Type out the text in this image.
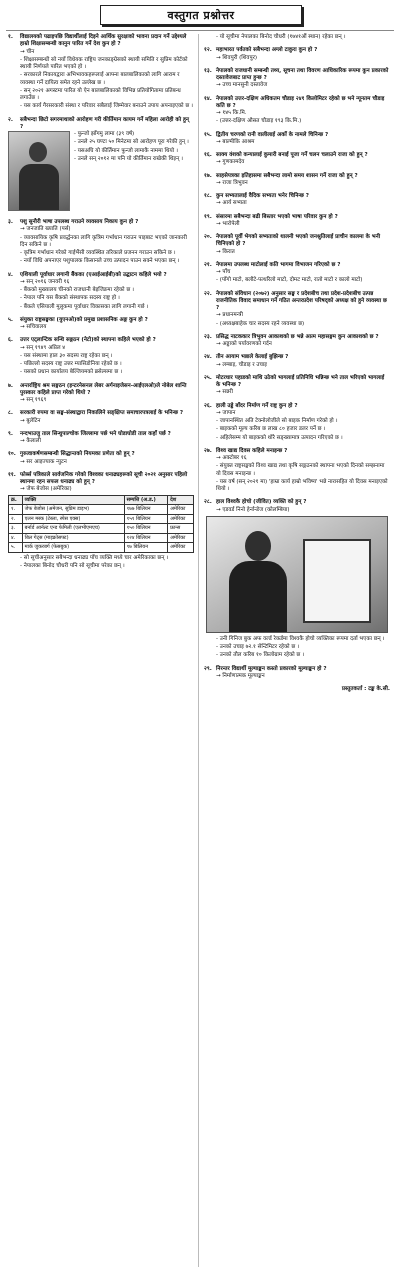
वस्तुगत प्रश्नोत्तर
१.	विद्यालयको पढाइपछि विद्यार्थीलाई दिइने आर्थिक सुरक्षाको भावना प्रदान गर्ने उद्देश्यले हाम्रो शिक्षासम्बन्धी कानुन पारित गर्ने देश कुन हो ?

→ चीन

- शिक्षासम्बन्धी सो नयाँ विधेयक राष्ट्रिय जनकाङ्ग्रेसको स्थायी समिति र सुप्रिम कोर्टको स्थायी निर्णयले पारित भएको हो ।
- सरकारले निकायद्वारा अभिभावकहरूलाई आफ्ना बालबालिकाको लागि आराम र व्यवस्था गर्ने दायित्व समेत रहने उल्लेख छ ।
- सन् २०२१ अगस्टमा पारित यो ऐन बालबालिकाको विभिन्न प्रतियोगितामा प्रतिबन्ध लगाउँछ ।
- यस कार्य गैरसरकारी संस्था र परिवार सबैलाई जिम्मेवार बनाउने उपाय अपनाइएको छ ।
२.	सबैभन्दा छिटो सगरमाथाको आरोहण गरी कीर्तिमान कायम गर्ने महिला आरोही को हुन् ?
- फुन्जो झाँगमु लामा (३९ वर्ष)
- उनले २५ घण्टा ५० मिनेटमा सो आरोहण पूरा गरेकी हुन् ।
- यसअघि यो कीर्तिमान फुन्जो लामाकै नाममा थियो ।
- उनले सन् २०१२ मा पनि यो कीर्तिमान राखेकी थिइन् ।
३.	पशु सुनौरी भाषा उपलब्ध गराउने व्यवसाय निकाय कुन हो ?

→ जनजाति ख्याति (पर्स)

- व्यावसायिक कृषि प्रवर्द्धनका लागि कृत्रिम गर्भाधान गराउन पाइबाट भएको जानकारी दिन सकिने छ ।
- कृत्रिम गर्भाधान गरेको गाईभैंसी व्यवस्थित तरिकाले प्रजनन गराउन सकिने छ ।
- नयाँ विधि अपनाएर पशुपालक किसानले उच्च उत्पादन पाउन सक्ने भएका छन् ।
४.	एशियाली पूर्वाधार लगानी बैंकका (एआईआईबी)को उद्घाटन कहिले भयो ?

→ सन् २०१६ जनवरी १६

- बैंकको मुख्यालय चीनको राजधानी बेइजिङमा रहेको छ ।
- नेपाल पनि यस बैंकको संस्थापक सदस्य राष्ट्र हो ।
- बैंकले एसियाली मुलुकमा पूर्वाधार विकासका लागि लगानी गर्छ ।
५.	संयुक्त राष्ट्रसङ्घका (युएनओ)को प्रमुख प्रशासनिक अङ्ग कुन हो ?

→ सचिवालय

६.	उत्तर एट्लान्टिक सन्धि सङ्गठन (नेटो)को स्थापना कहिले भएको हो ?

→ सन् १९४९ अप्रिल ४

- यस संस्थामा हाल ३० सदस्य राष्ट्र रहेका छन् ।
- पछिल्लो सदस्य राष्ट्र उत्तर म्यासिडोनिया रहेको छ ।
- यसको प्रधान कार्यालय बेल्जियमको ब्रसेल्समा छ ।
७.	अन्तर्राष्ट्रिय श्रम सङ्गठन (इन्टरनेसनल लेबर अर्गनाइजेसन-आईएलओ)ले नोबेल शान्ति पुरस्कार कहिले प्राप्त गरेको थियो ?

→ सन् १९६९

८.	सरकारी रुपमा वा सङ्घ-संस्थाद्वारा निकालिने सङ्क्षिप्त समाचारपत्रलाई के भनिन्छ ?

→ बुलेटिन

९.	नन्दभाउजु ताल सिन्धुपाल्चोक जिल्लामा पर्छ भने घोडाघोडी ताल कहाँ पर्छ ?

→ कैलाली

१०. गुरुत्वाकर्षणसम्बन्धी सिद्धान्तको नियमका प्रणेता को हुन् ?

→ सर आइज्याक न्युटन

११. फोर्ब्स पत्रिकाले सार्वजनिक गरेको विश्वका धनाढ्यहरूको सूची २०२१ अनुसार पहिलो स्थानमा रहन सफल धनाढ्य को हुन् ?

→ जेफ बेजोस (अमेरिका)

क्र.	व्यक्ति	सम्पत्ति (अ.ड.)	देश
१.	जेफ बेजोस (अमेजन, सुप्रिम डाइभ)	१७७ बिलियन	अमेरिका
२.	एलन मस्क (टेस्ला, स्पेस एक्स)	१५१ बिलियन	अमेरिका
३.	बर्नार्ड आर्नल्ट एन्ड फेमिली (एलभीएमएच)	१५० बिलियन	फ्रान्स
४.	बिल गेट्स (माइक्रोसफ्ट)	१२४ बिलियन	अमेरिका
५.	मार्क जुकरबर्ग (फेसबुक)	९७ बिलियन	अमेरिका
- सो सूचीअनुसार सबैभन्दा धनाढ्य पाँच व्यक्ति मध्ये चार अमेरिकाका छन् ।
- नेपालका बिनोद चौधरी पनि सो सूचीमा परेका छन् ।
- यो सूचीमा नेपालका बिनोद चौधरी (१७४१औं स्थान) रहेका छन् ।
१२. महाभारत पर्वतको सबैभन्दा अग्लो टाकुरा कुन हो ?

→ शिवपुरी (शिवपुर)

१३. नेपालको राजधानी सम्बन्धी तथ्य, सूचना तथा विवरण आधिकारिक रूपमा कुन प्रकारको दस्तावेजबाट प्राप्त हुन्छ ?

→ उच्च मानसुनी दस्तावेज

१४. नेपालको उत्तर-दक्षिण अधिकतम चौडाइ २४१ किलोमिटर रहेको छ भने न्यूनतम चौडाइ कति छ ?

→ १४५ कि.मि.

- (उत्तर-दक्षिण औसत चौडाइ १९३ कि.मि.)
१५. द्वितीय चरणको रानी वालीलाई अर्को के नामले चिनिन्छ ?

→ बाल्मीकि आश्रम

१६. साक्य वंशको कन्यालाई कुमारी बनाई पूजा गर्ने चलन चलाउने राजा को हुन् ?

→ गुणकामदेव

१७. साहसेपत्रका इतिहासमा सबैभन्दा लामो समय शासन गर्ने राजा को हुन् ?

→ राजा त्रिभुवन

१८. कुन सभ्यतालाई वैदिक सभ्यता भनेर चिनिन्छ ?

→ आर्य सभ्यता

१९. संसारमा सबैभन्दा बढी बिस्तार भएको भाषा परिवार कुन हो ?

→ भारोपेली

२०. नेपालको पूर्वी भेगको सभ्यताको थालनी भएको जनश्रुतिलाई प्राचीन कालमा के भनी चिनिएको हो ?

→ किरात

२१. नेपालमा उपलब्ध माटोलाई कति भागमा विभाजन गरिएको छ ?

→ पाँच

- (पाँगो माटो, बलौटे-पत्थरिलो माटो, दोमट माटो, रातो माटो र कालो माटो)
२२. नेपालको संविधान (२०७२) अनुसार सङ्घ र प्रदेशबीच तथा प्रदेश-प्रदेशबीच उत्पन्न राजनीतिक विवाद समाधान गर्ने गठित अन्तरप्रदेश परिषद्को अध्यक्ष को हुने व्यवस्था छ ?

→ प्रधानमन्त्री

- (अध्यक्षबाहेक चार सदस्य रहने व्यवस्था छ)
२३. प्रसिद्ध नाटककार त्रिभुवन आकाशको छ भन्ने आत्म महासङ्गम कुन आकाशको छ ?

→ अड्डाको पर्यावरणको गर्दन

२४. तीन आयाम भन्नाले केलाई बुझिन्छ ?

→ लम्बाइ, चौडाइ र उचाइ

२५. मोटरधार पहाडको माथि उठेको भागलाई प्रतिनिधि भन्निन्छ भने ताल भरिएको भागलाई के भनिन्छ ?

→ सन्नरी

२६. हाली उड्डे बाँदर निर्माण गर्ने राष्ट्र कुन हो ?

→ जापान

- जापानस्थित अति टेक्नोलोजीले सो बाइक निर्माण गरेको हो ।
- बाइकको मूल्य करिब छ लाख ८० हजार डलर पर्ने छ ।
- अहिलेसम्म यो बाइकको थोरै सङ्ख्यामात्र उत्पादन गरिएको छ ।
२७. विश्व खाद्य दिवस कहिले मनाइन्छ ?

→ अक्टोबर १६

- संयुक्त राष्ट्रसङ्घको विश्व खाद्य तथा कृषि सङ्गठनको स्थापना भएको दिनको सम्झनामा यो दिवस मनाइन्छ ।
- यस वर्ष (सन् २०२१ मा) 'हाम्रा कार्य हाम्रो भविष्य' भन्ने नारासहित यो दिवस मनाइएको थियो ।
२८. हाल विश्वकै होचो (जीवित) व्यक्ति को हुन् ?

→ एडवर्ड निनो हेर्नान्डेज (कोलम्बिया)

- उनी गिनिज बुक अफ वर्ल्ड रेकर्डमा विश्वकै होचो व्यक्तिका रूपमा दर्ता भएका छन् ।
- उनको उचाइ ७२.१ सेन्टिमिटर रहेको छ ।
- उनको तौल करिब १० किलोग्राम रहेको छ ।
२९. निरन्तर विद्यार्थी मूल्याङ्कन कस्तो प्रकारको मूल्याङ्कन हो ?

→ निर्माणात्मक मूल्याङ्कन

प्रस्तुतकर्ता : टङ्क के.सी.
